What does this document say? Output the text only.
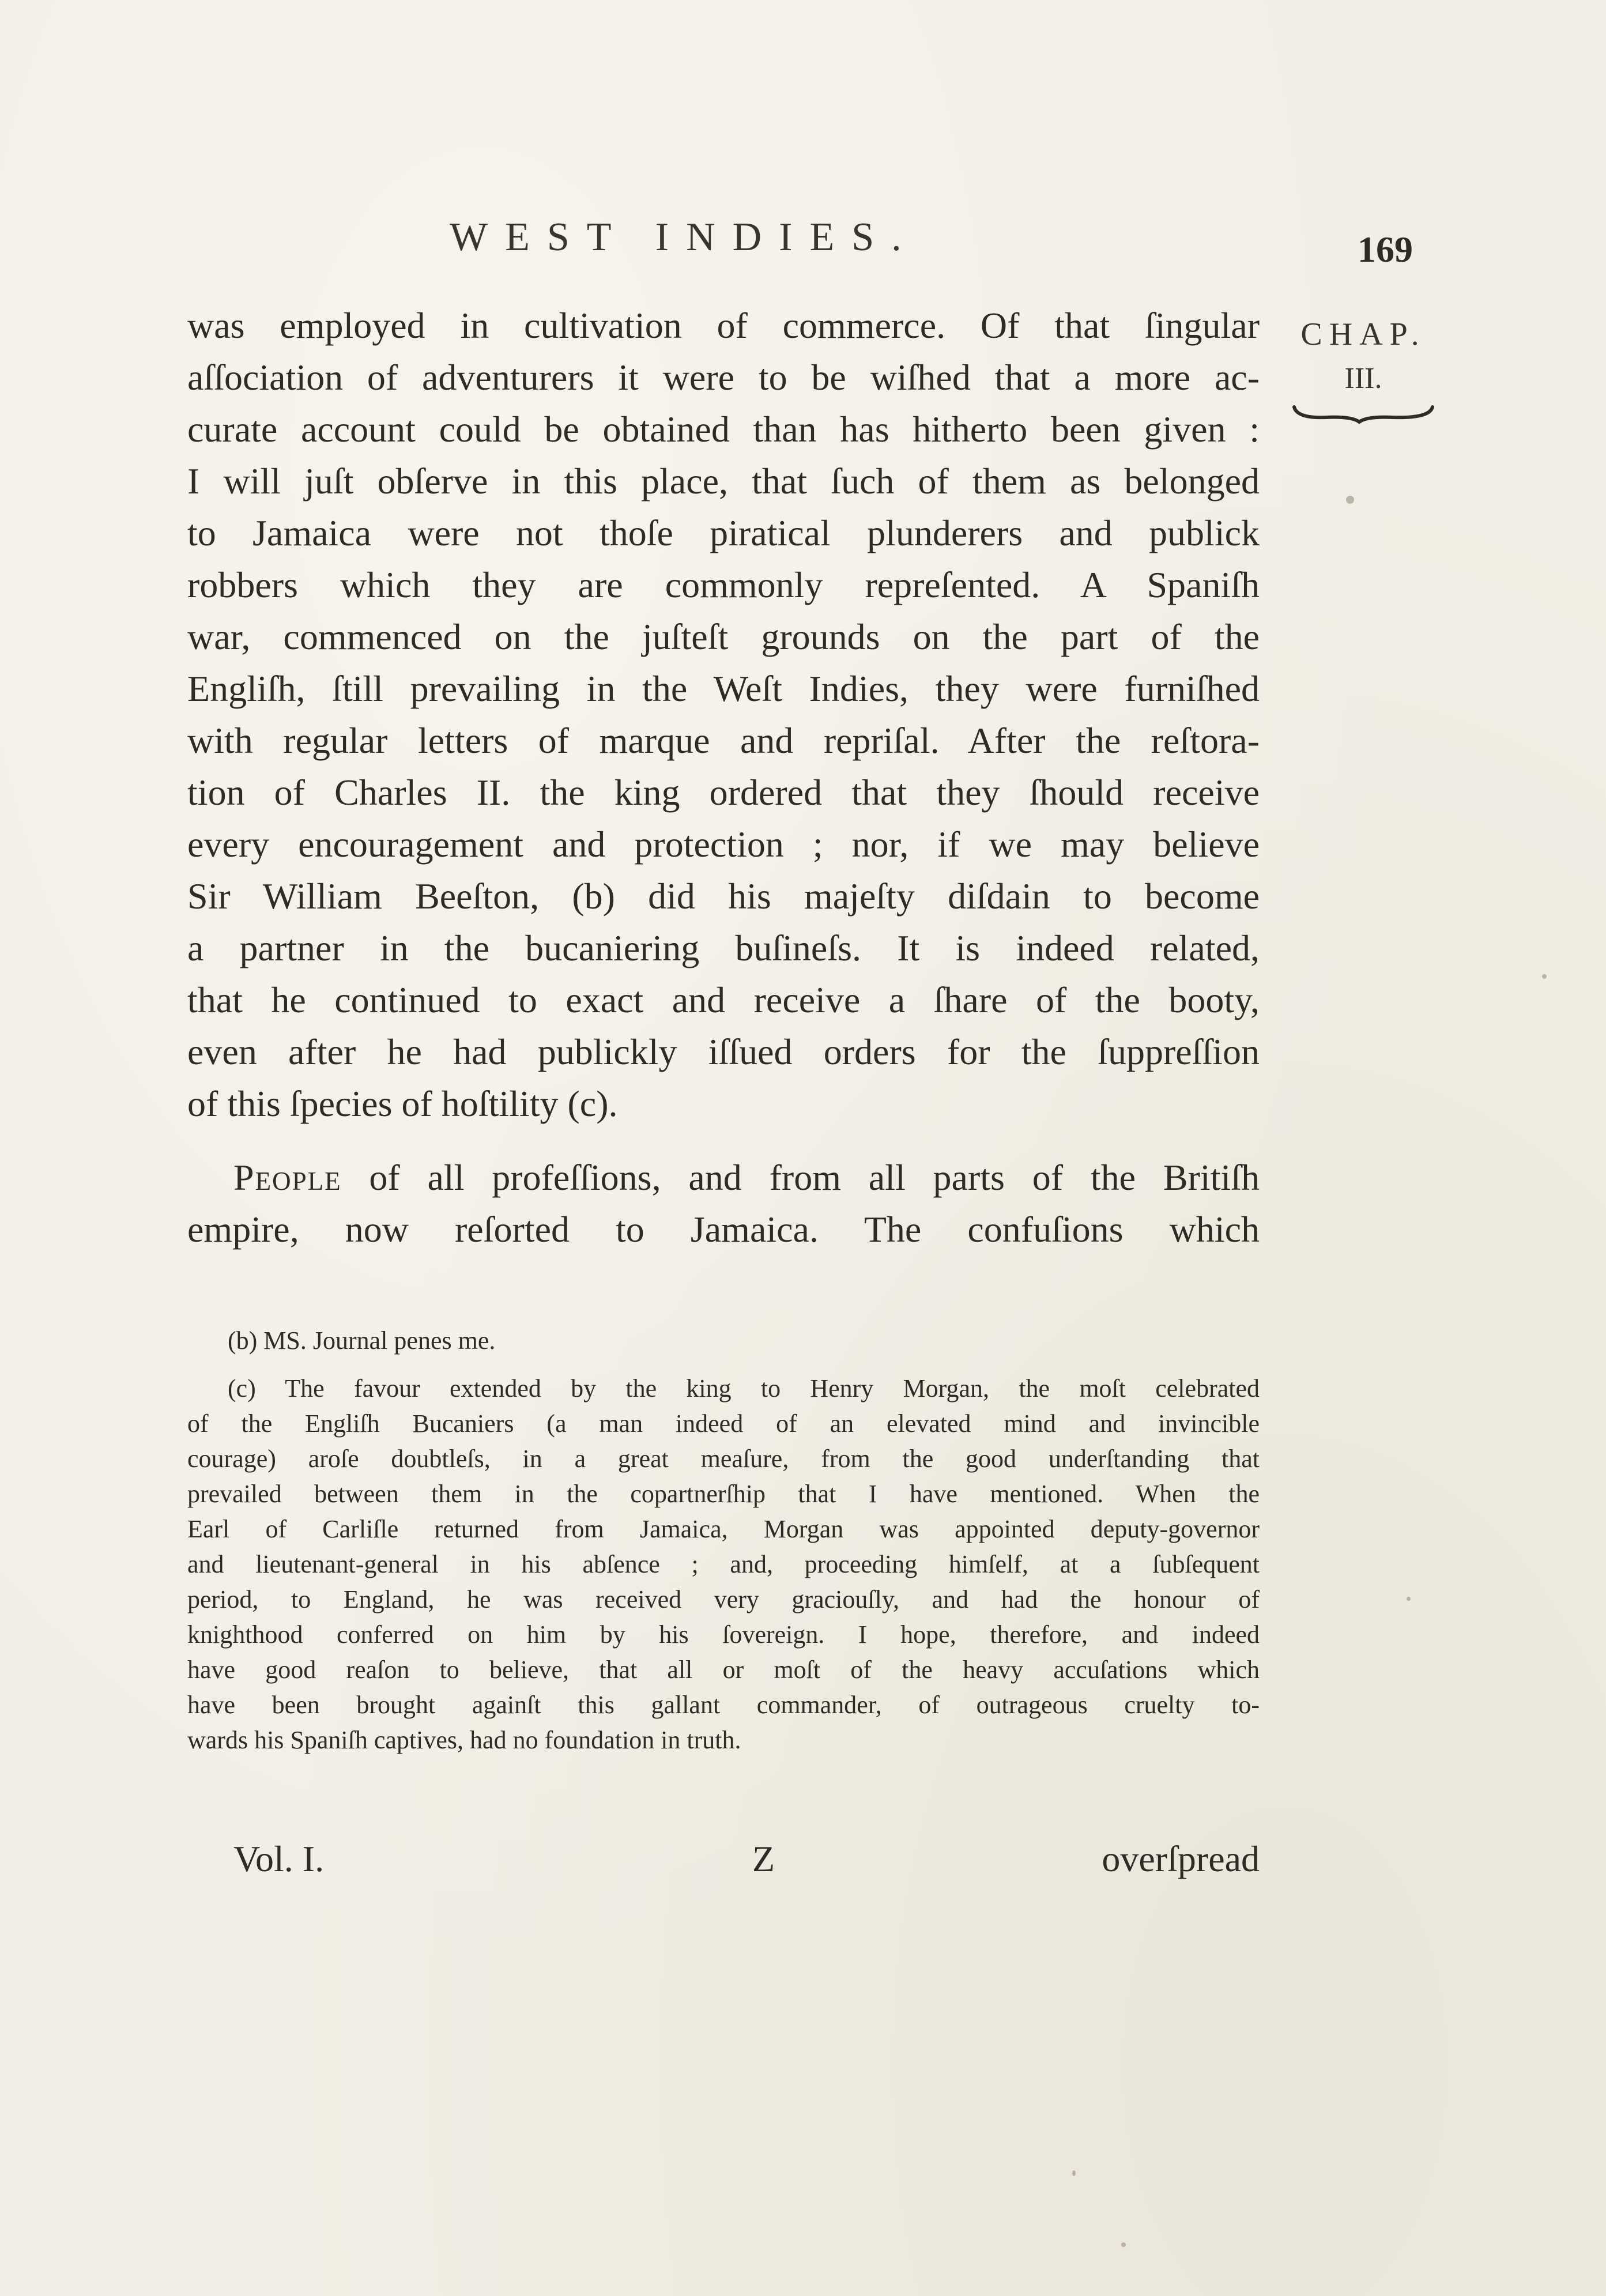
WEST INDIES.	169
CHAP.
III.
was employed in cultivation of commerce. Of that ſingular
aſſociation of adventurers it were to be wiſhed that a more ac-
curate account could be obtained than has hitherto been given :
I will juſt obſerve in this place, that ſuch of them as belonged
to Jamaica were not thoſe piratical plunderers and publick
robbers which they are commonly repreſented. A Spaniſh
war, commenced on the juſteſt grounds on the part of the
Engliſh, ſtill prevailing in the Weſt Indies, they were furniſhed
with regular letters of marque and repriſal. After the reſtora-
tion of Charles II. the king ordered that they ſhould receive
every encouragement and protection ; nor, if we may believe
Sir William Beeſton, (b) did his majeſty diſdain to become
a partner in the bucaniering buſineſs. It is indeed related,
that he continued to exact and receive a ſhare of the booty,
even after he had publickly iſſued orders for the ſuppreſſion
of this ſpecies of hoſtility (c).
People of all profeſſions, and from all parts of the Britiſh
empire, now reſorted to Jamaica. The confuſions which
(b) MS. Journal penes me.
(c) The favour extended by the king to Henry Morgan, the moſt celebrated
of the Engliſh Bucaniers (a man indeed of an elevated mind and invincible
courage) aroſe doubtleſs, in a great meaſure, from the good underſtanding that
prevailed between them in the copartnerſhip that I have mentioned. When the
Earl of Carliſle returned from Jamaica, Morgan was appointed deputy-governor
and lieutenant-general in his abſence ; and, proceeding himſelf, at a ſubſequent
period, to England, he was received very graciouſly, and had the honour of
knighthood conferred on him by his ſovereign. I hope, therefore, and indeed
have good reaſon to believe, that all or moſt of the heavy accuſations which
have been brought againſt this gallant commander, of outrageous cruelty to-
wards his Spaniſh captives, had no foundation in truth.
Vol. I.	Z	overſpread
